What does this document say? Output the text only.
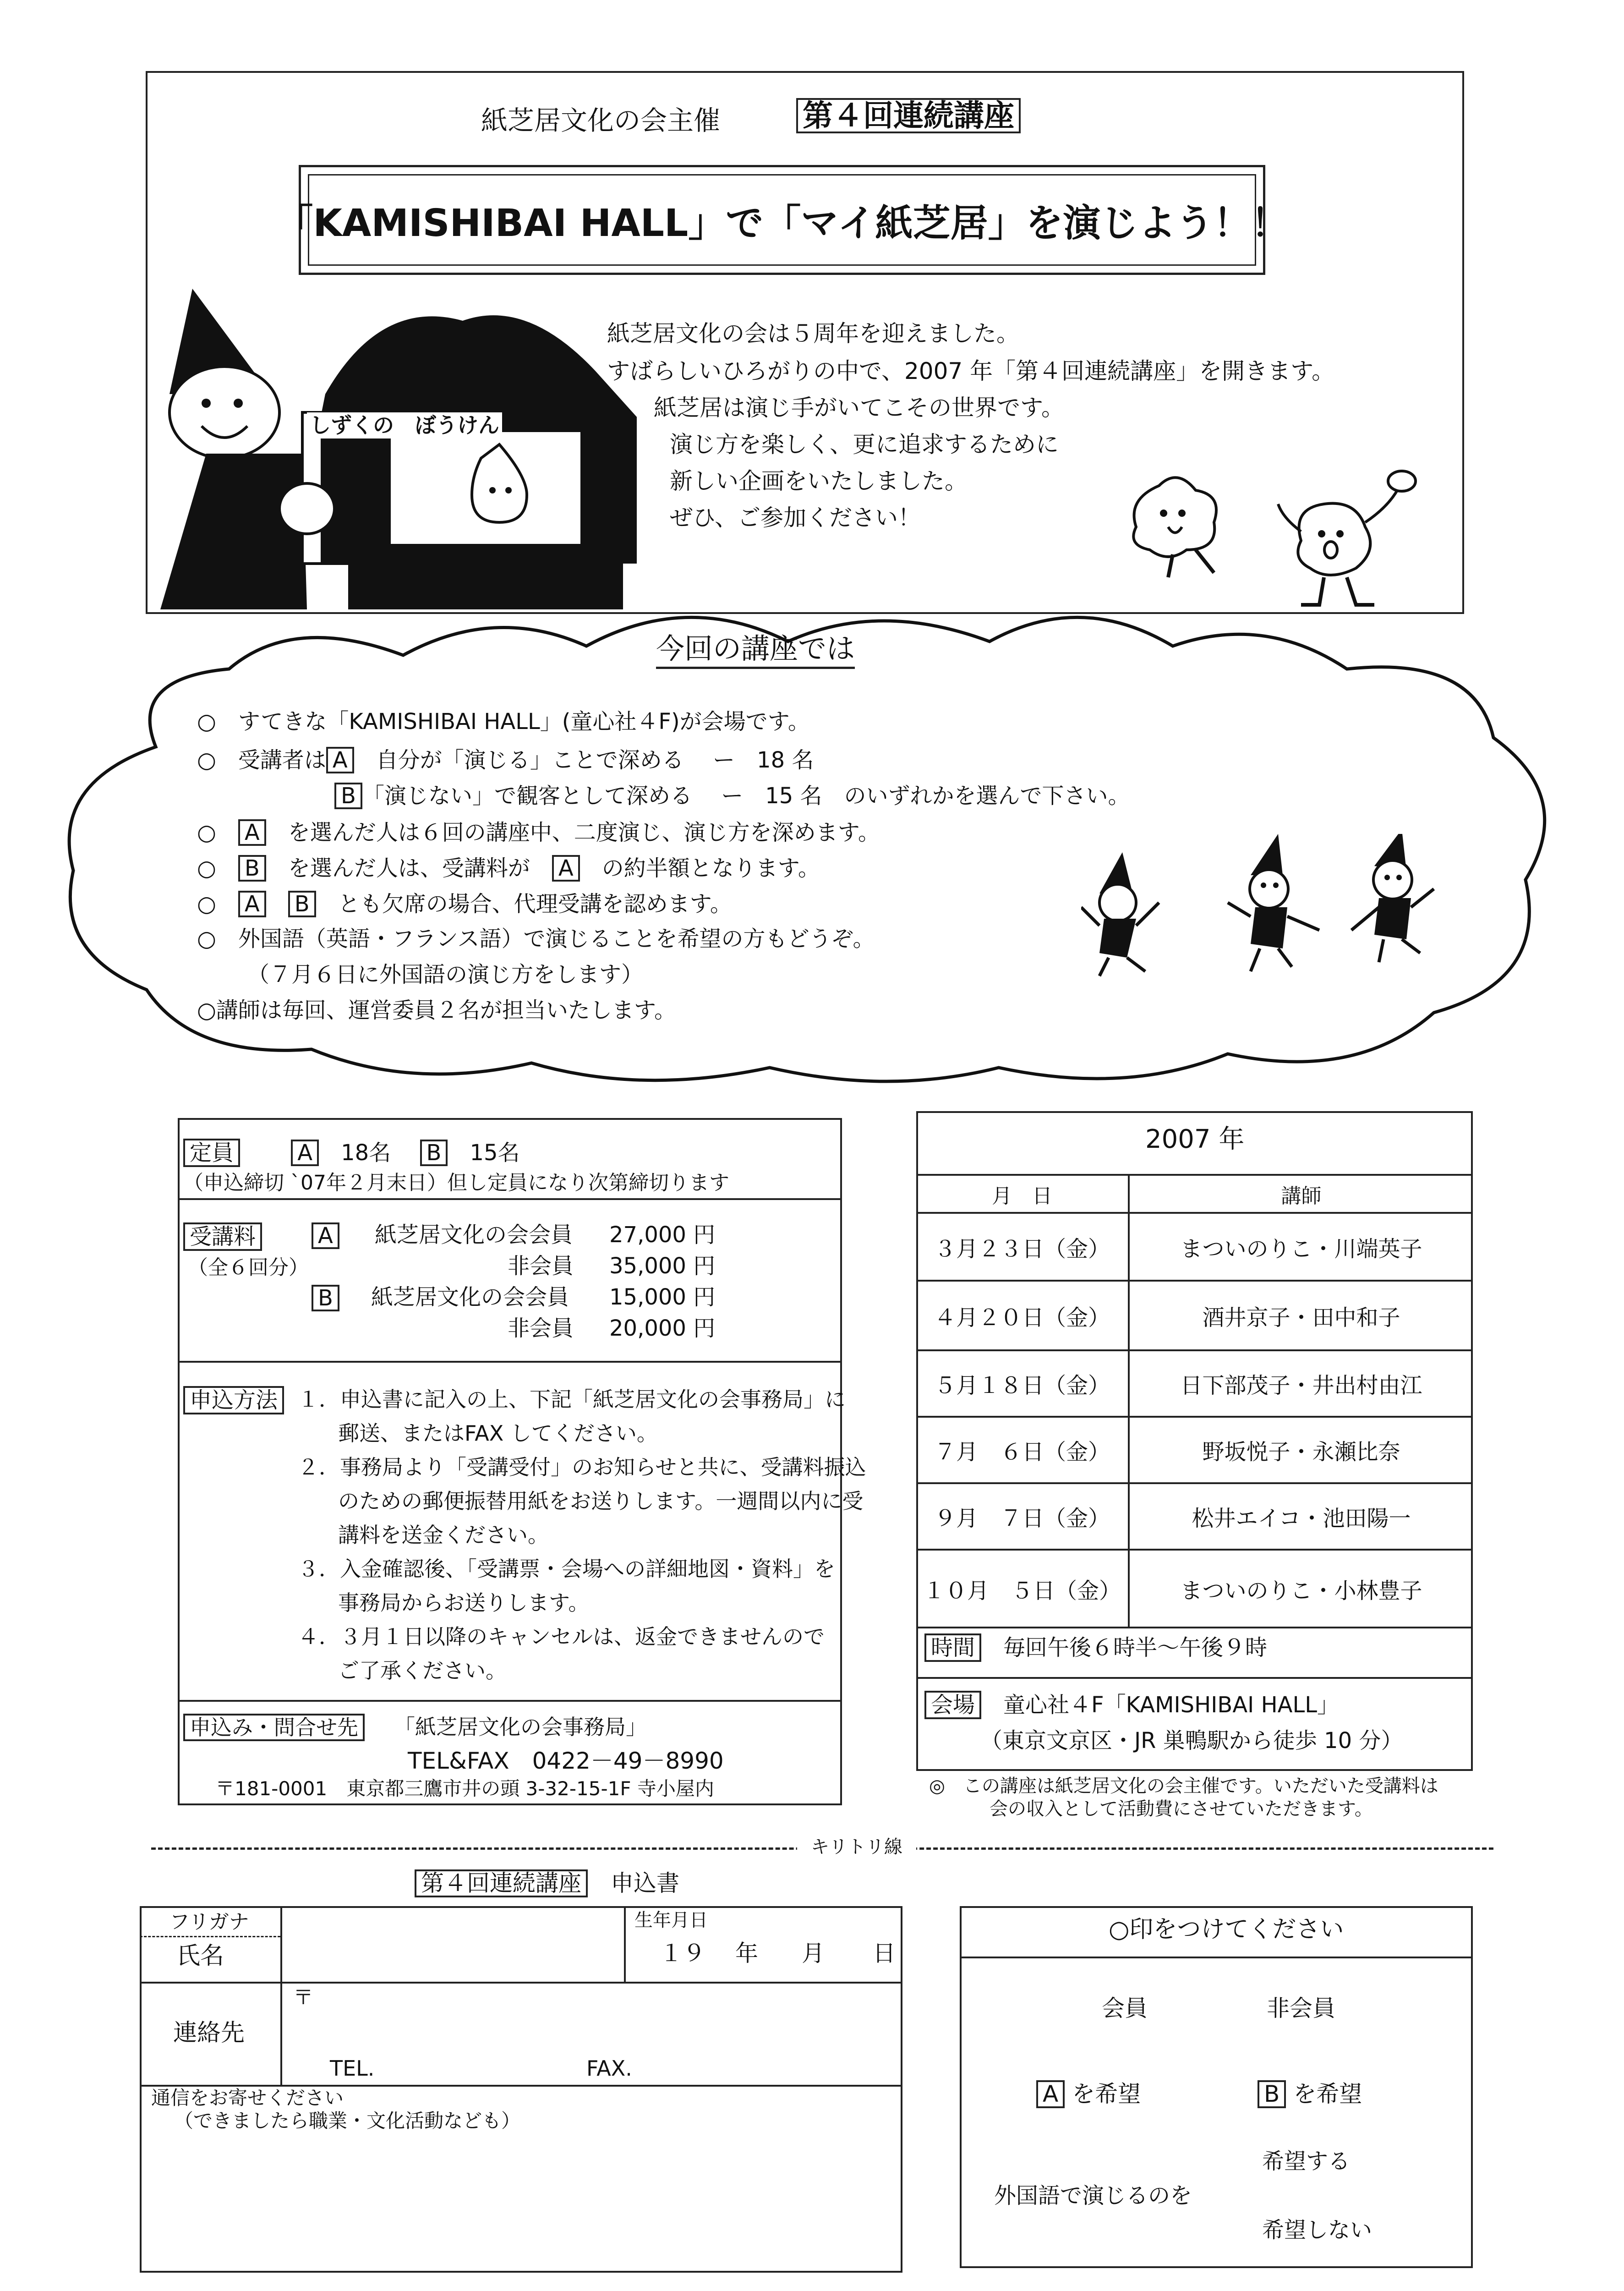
紙芝居文化の会主催	第４回連続講座
「KAMISHIBAI HALL」で「マイ紙芝居」を演じよう！！
しずくの　ぼうけん
紙芝居文化の会は５周年を迎えました。
すばらしいひろがりの中で、2007 年「第４回連続講座」を開きます。
紙芝居は演じ手がいてこその世界です。
演じ方を楽しく、更に追求するために
新しい企画をいたしました。
ぜひ、ご参加ください！
今回の講座では
○　 すてきな「KAMISHIBAI HALL」(童心社４F)が会場です。
○　 受講者は A　 自分が「演じる」ことで深める　 ー　18 名
B 「演じない」で観客として深める　 ー　15 名　のいずれかを選んで下さい。
○　 A　 を選んだ人は６回の講座中、二度演じ、演じ方を深めます。
○　 B　 を選んだ人は、受講料が　 A　 の約半額となります。
○　 A　 B　 とも欠席の場合、代理受講を認めます。
○　 外国語（英語・フランス語）で演じることを希望の方もどうぞ。
（７月６日に外国語の演じ方をします）
○講師は毎回、運営委員２名が担当いたします。
定員 　　	A　 18名 　 B　 15名
（申込締切 `07年２月末日）但し定員になり次第締切ります
受講料
（全６回分）
A 紙芝居文化の会会員 27,000 円
非会員 35,000 円
B 紙芝居文化の会会員 15,000 円
非会員 20,000 円
申込方法 １．申込書に記入の上、下記「紙芝居文化の会事務局」に
郵送、またはFAX してください。
２．事務局より「受講受付」のお知らせと共に、受講料振込
のための郵便振替用紙をお送りします。一週間以内に受
講料を送金ください。
３．入金確認後、「受講票・会場への詳細地図・資料」を
事務局からお送りします。
４．３月１日以降のキャンセルは、返金できませんので
ご了承ください。
申込み・問合せ先	「紙芝居文化の会事務局」
TEL&FAX　0422－49－8990
〒181-0001　東京都三鷹市井の頭 3-32-15-1F 寺小屋内
2007 年
月　日	講師
３月２３日（金）	まついのりこ・川端英子
４月２０日（金）	酒井京子・田中和子
５月１８日（金）	日下部茂子・井出村由江
７月　６日（金）	野坂悦子・永瀬比奈
９月　７日（金）	松井エイコ・池田陽一
１０月　５日（金）	まついのりこ・小林豊子
時間　 毎回午後６時半～午後９時
会場　 童心社４F「KAMISHIBAI HALL」
（東京文京区・JR 巣鴨駅から徒歩 10 分）
◎　この講座は紙芝居文化の会主催です。いただいた受講料は
会の収入として活動費にさせていただきます。
キリトリ線
第４回連続講座　 申込書
フリガナ
氏名
生年月日
１９ 年 月 日
連絡先
〒
TEL.	FAX.
通信をお寄せください
（できましたら職業・文化活動なども）
○印をつけてください
会員	非会員
A を希望	B を希望
外国語で演じるのを
希望する
希望しない
